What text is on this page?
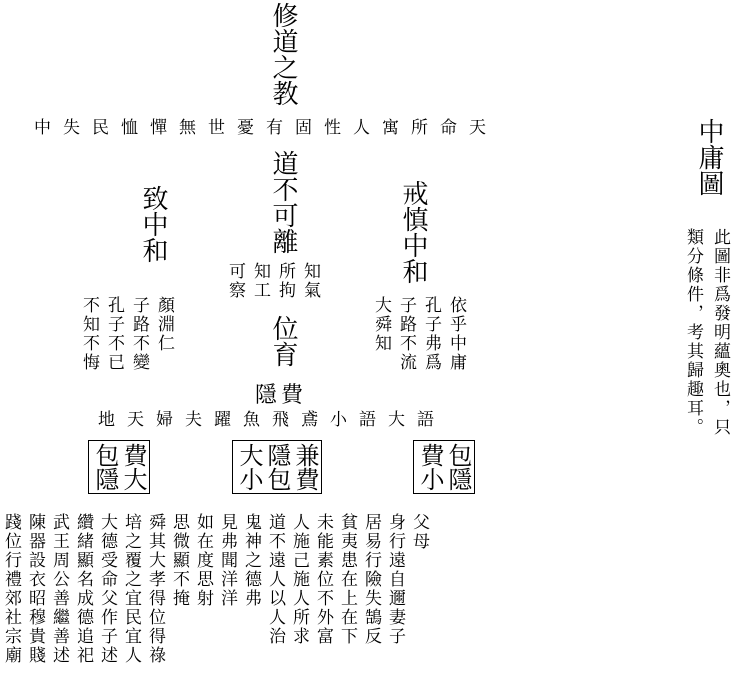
修道之教
中失民恤憚無世憂有固性人寓所命天
道不可離
致中和	戒慎中和
知氣
所拘
知工
可察
位育
顏淵仁
子路不變
孔子不已
不知不悔	依乎中庸
孔子弗爲
子路不流
大舜知
隱費
地天婦夫躍魚飛鳶小語大語
費大
包隱	兼費
隱包
大小	包隱
費小
父母
身行遠自邇妻子
居易行險失鵠反
貧夷患在上在下
未能素位不外富
人施己施人所求
道不遠人以人治
鬼神之德弗
見弗聞洋洋
如在度思射
思微顯不掩
舜其大孝得位得祿
培之覆之宜民宜人
大德受命父作子述
纘緒顯名成德追祀
武王周公善繼善述
陳器設衣昭穆貴賤
踐位行禮郊社宗廟
中庸圖
此圖非爲發明蘊奧也，只
類分條件，考其歸趣耳。
